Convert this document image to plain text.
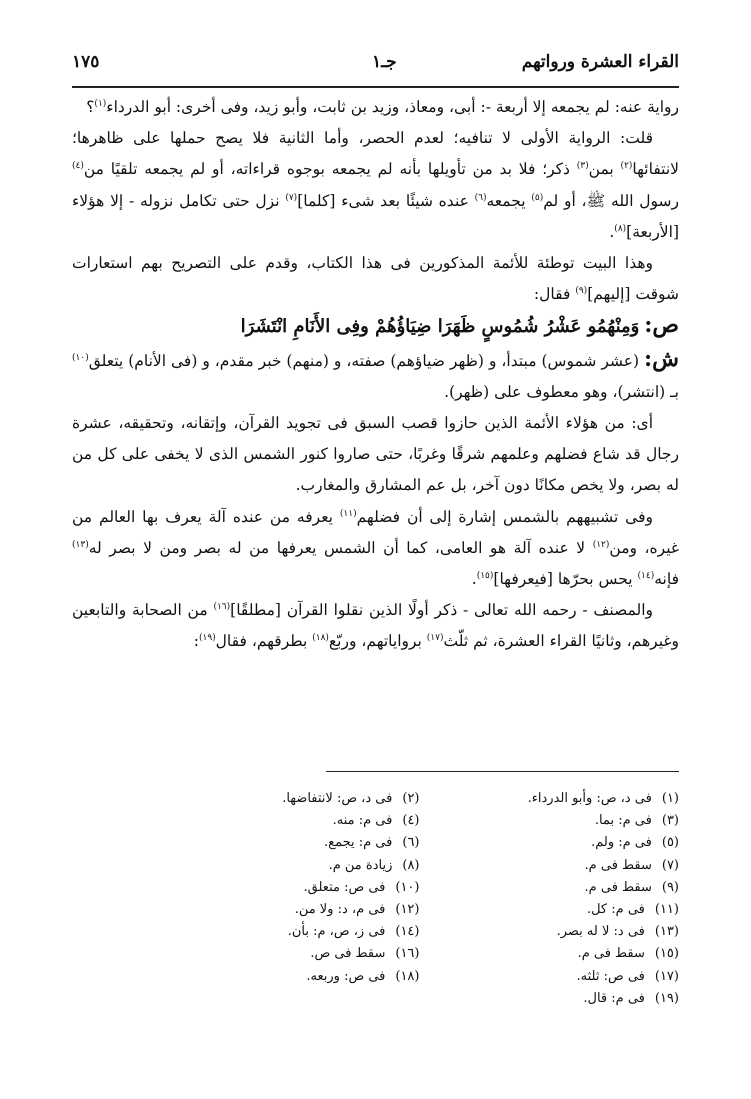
القراء العشرة ورواتهم
جـ١
١٧٥

رواية عنه: لم يجمعه إلا أربعة -: أبى، ومعاذ، وزيد بن ثابت، وأبو زيد، وفى أخرى: أبو الدرداء$^{(١)}$؟

قلت: الرواية الأولى لا تنافيه؛ لعدم الحصر، وأما الثانية فلا يصح حملها على ظاهرها؛ لانتفائها$^{(٢)}$ بمن$^{(٣)}$ ذكر؛ فلا بد من تأويلها بأنه لم يجمعه بوجوه قراءاته، أو لم يجمعه تلقيًا من$^{(٤)}$ رسول الله ﷺ، أو لم$^{(٥)}$ يجمعه$^{(٦)}$ عنده شيئًا بعد شىء [كلما]$^{(٧)}$ نزل حتى تكامل نزوله - إلا هؤلاء [الأربعة]$^{(٨)}$.

وهذا البيت توطئة للأئمة المذكورين فى هذا الكتاب، وقدم على التصريح بهم استعارات شوقت [إليهم]$^{(٩)}$ فقال:

ص: وَمِنْهُمُو عَشْرُ شُمُوسٍ ظَهَرَا ضِيَاؤُهُمْ وفِى الأَنَامِ انْتَشَرَا

ش: (عشر شموس) مبتدأ، و (ظهر ضياؤهم) صفته، و (منهم) خبر مقدم، و (فى الأنام) يتعلق$^{(١٠)}$ بـ (انتشر)، وهو معطوف على (ظهر).

أى: من هؤلاء الأئمة الذين حازوا قصب السبق فى تجويد القرآن، وإتقانه، وتحقيقه، عشرة رجال قد شاع فضلهم وعلمهم شرقًا وغربًا، حتى صاروا كنور الشمس الذى لا يخفى على كل من له بصر، ولا يخص مكانًا دون آخر، بل عم المشارق والمغارب.

وفى تشبيههم بالشمس إشارة إلى أن فضلهم$^{(١١)}$ يعرفه من عنده آلة يعرف بها العالم من غيره، ومن$^{(١٢)}$ لا عنده آلة هو العامى، كما أن الشمس يعرفها من له بصر ومن لا بصر له$^{(١٣)}$ فإنه$^{(١٤)}$ يحس بحرّها [فيعرفها]$^{(١٥)}$.

والمصنف - رحمه الله تعالى - ذكر أولًا الذين نقلوا القرآن [مطلقًا]$^{(١٦)}$ من الصحابة والتابعين وغيرهم، وثانيًا القراء العشرة، ثم ثلّث$^{(١٧)}$ برواياتهم، وربّع$^{(١٨)}$ بطرقهم، فقال$^{(١٩)}$:

(١)فى د، ص: وأبو الدرداء.
(٢)فى د، ص: لانتفاضها.
(٣)فى م: بما.
(٤)فى م: منه.
(٥)فى م: ولم.
(٦)فى م: يجمع.
(٧)سقط فى م.
(٨)زيادة من م.
(٩)سقط فى م.
(١٠)فى ص: متعلق.
(١١)فى م: كل.
(١٢)فى م، د: ولا من.
(١٣)فى د: لا له بصر.
(١٤)فى ز، ص، م: بأن.
(١٥)سقط فى م.
(١٦)سقط فى ص.
(١٧)فى ص: ثلثه.
(١٨)فى ص: وربعه.
(١٩)فى م: قال.
